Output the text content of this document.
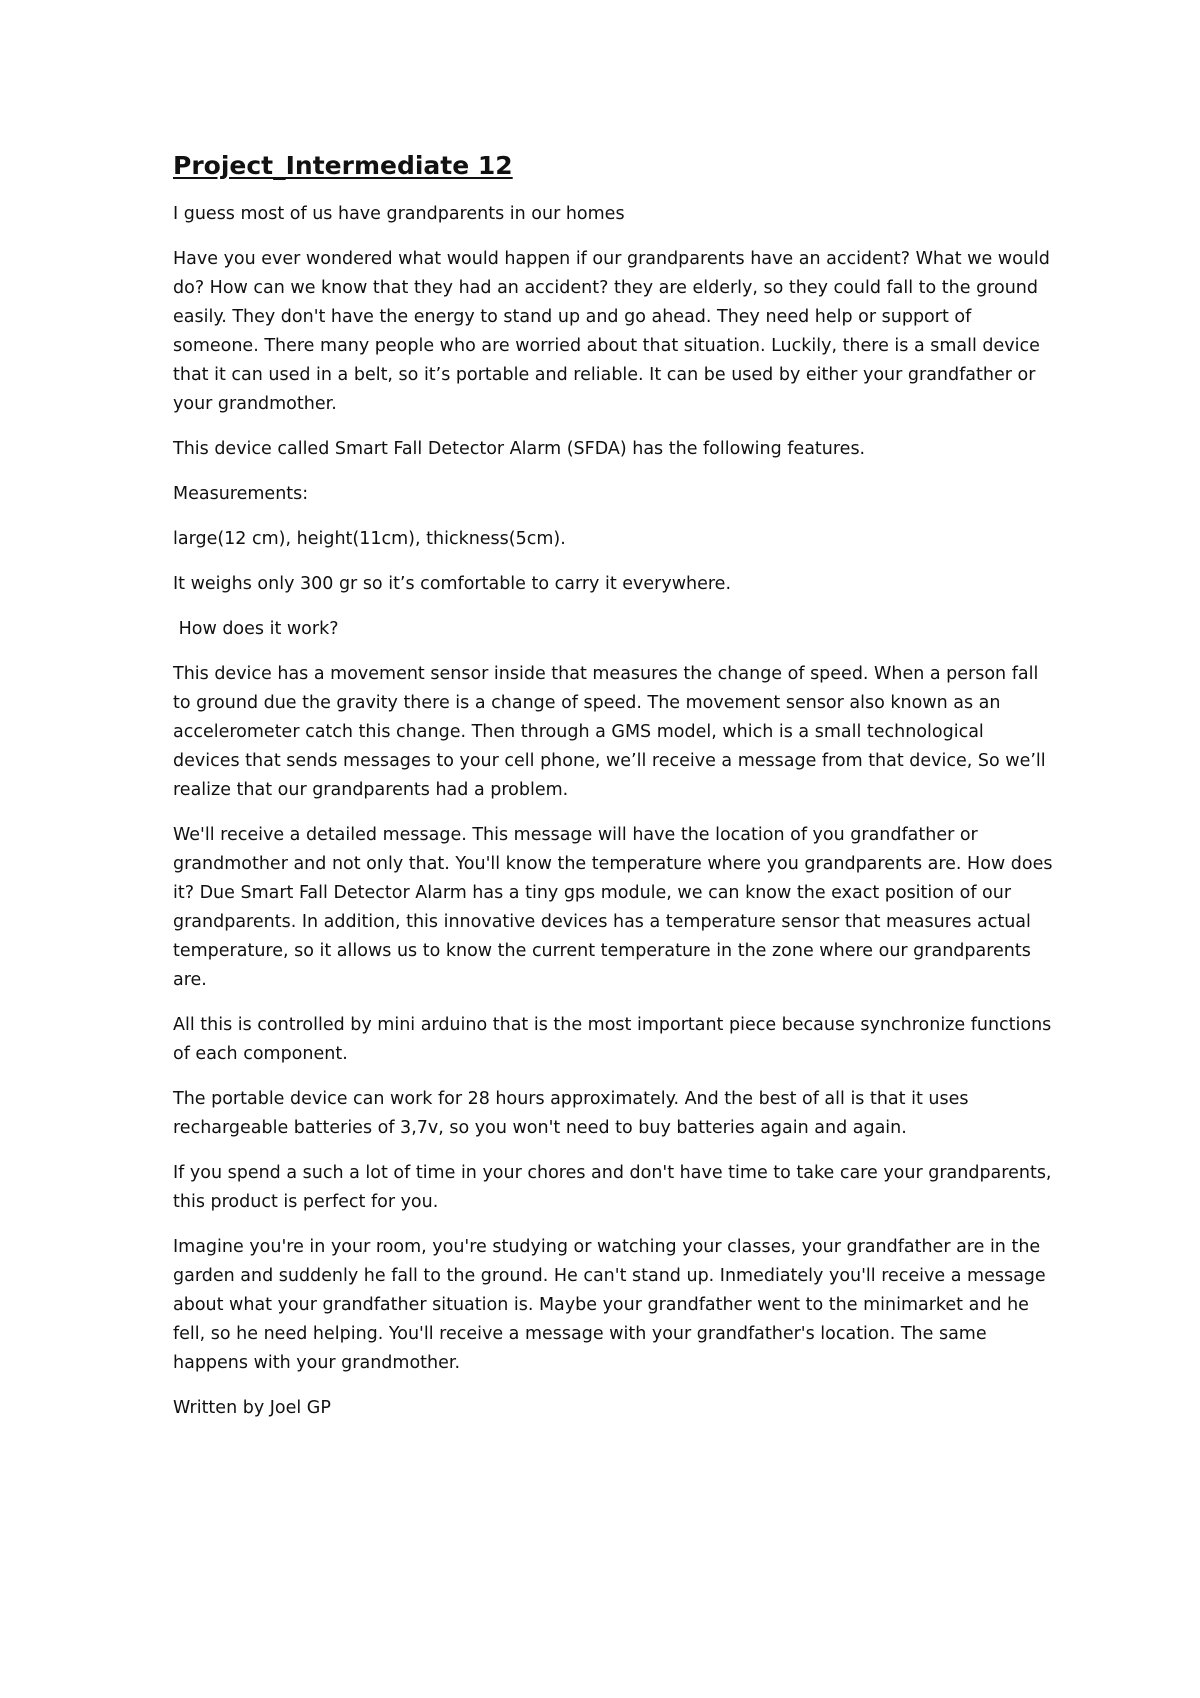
Project_Intermediate 12

I guess most of us have grandparents in our homes

Have you ever wondered what would happen if our grandparents have an accident? What we would do? How can we know that they had an accident? they are elderly, so they could fall to the ground easily. They don't have the energy to stand up and go ahead. They need help or support of someone. There many people who are worried about that situation. Luckily, there is a small device that it can used in a belt, so it’s portable and reliable. It can be used by either your grandfather or your grandmother.

This device called Smart Fall Detector Alarm (SFDA) has the following features.

Measurements:

large(12 cm), height(11cm), thickness(5cm).

It weighs only 300 gr so it’s comfortable to carry it everywhere.

How does it work?

This device has a movement sensor inside that measures the change of speed. When a person fall to ground due the gravity there is a change of speed. The movement sensor also known as an accelerometer catch this change. Then through a GMS model, which is a small technological devices that sends messages to your cell phone, we’ll receive a message from that device, So we’ll realize that our grandparents had a problem.

We'll receive a detailed message. This message will have the location of you grandfather or grandmother and not only that. You'll know the temperature where you grandparents are. How does it? Due Smart Fall Detector Alarm has a tiny gps module, we can know the exact position of our grandparents. In addition, this innovative devices has a temperature sensor that measures actual temperature, so it allows us to know the current temperature in the zone where our grandparents are.

All this is controlled by mini arduino that is the most important piece because synchronize functions of each component.

The portable device can work for 28 hours approximately. And the best of all is that it uses rechargeable batteries of 3,7v, so you won't need to buy batteries again and again.

If you spend a such a lot of time in your chores and don't have time to take care your grandparents, this product is perfect for you.

Imagine you're in your room, you're studying or watching your classes, your grandfather are in the garden and suddenly he fall to the ground. He can't stand up. Inmediately you'll receive a message about what your grandfather situation is. Maybe your grandfather went to the minimarket and he fell, so he need helping. You'll receive a message with your grandfather's location. The same happens with your grandmother.

Written by Joel GP
